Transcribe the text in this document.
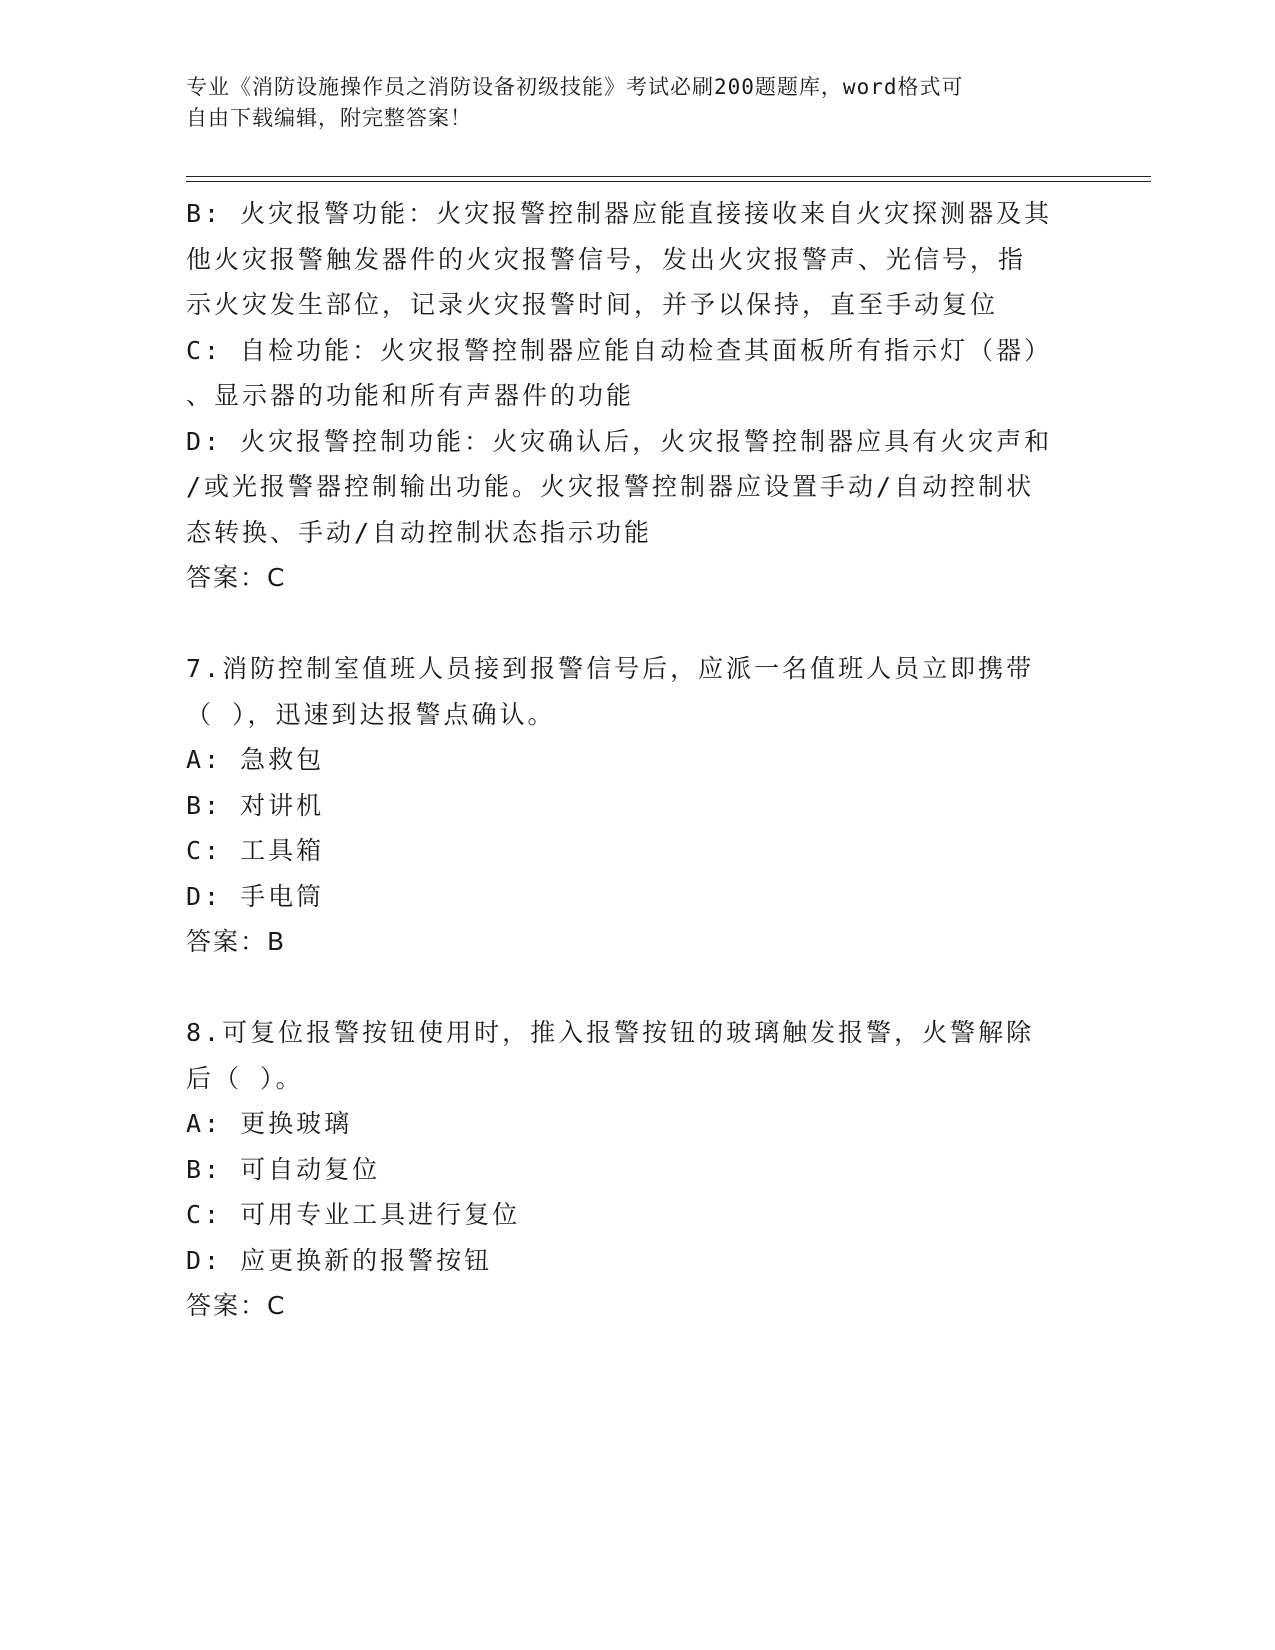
专业《消防设施操作员之消防设备初级技能》考试必刷200题题库，word格式可
自由下载编辑，附完整答案！
B: 火灾报警功能：火灾报警控制器应能直接接收来自火灾探测器及其
他火灾报警触发器件的火灾报警信号，发出火灾报警声、光信号，指
示火灾发生部位，记录火灾报警时间，并予以保持，直至手动复位
C: 自检功能：火灾报警控制器应能自动检查其面板所有指示灯（器）
、显示器的功能和所有声器件的功能
D: 火灾报警控制功能：火灾确认后，火灾报警控制器应具有火灾声和
/或光报警器控制输出功能。火灾报警控制器应设置手动/自动控制状
态转换、手动/自动控制状态指示功能
答案：C
7.消防控制室值班人员接到报警信号后，应派一名值班人员立即携带
（ ），迅速到达报警点确认。
A: 急救包
B: 对讲机
C: 工具箱
D: 手电筒
答案：B
8.可复位报警按钮使用时，推入报警按钮的玻璃触发报警，火警解除
后（ ）。
A: 更换玻璃
B: 可自动复位
C: 可用专业工具进行复位
D: 应更换新的报警按钮
答案：C
